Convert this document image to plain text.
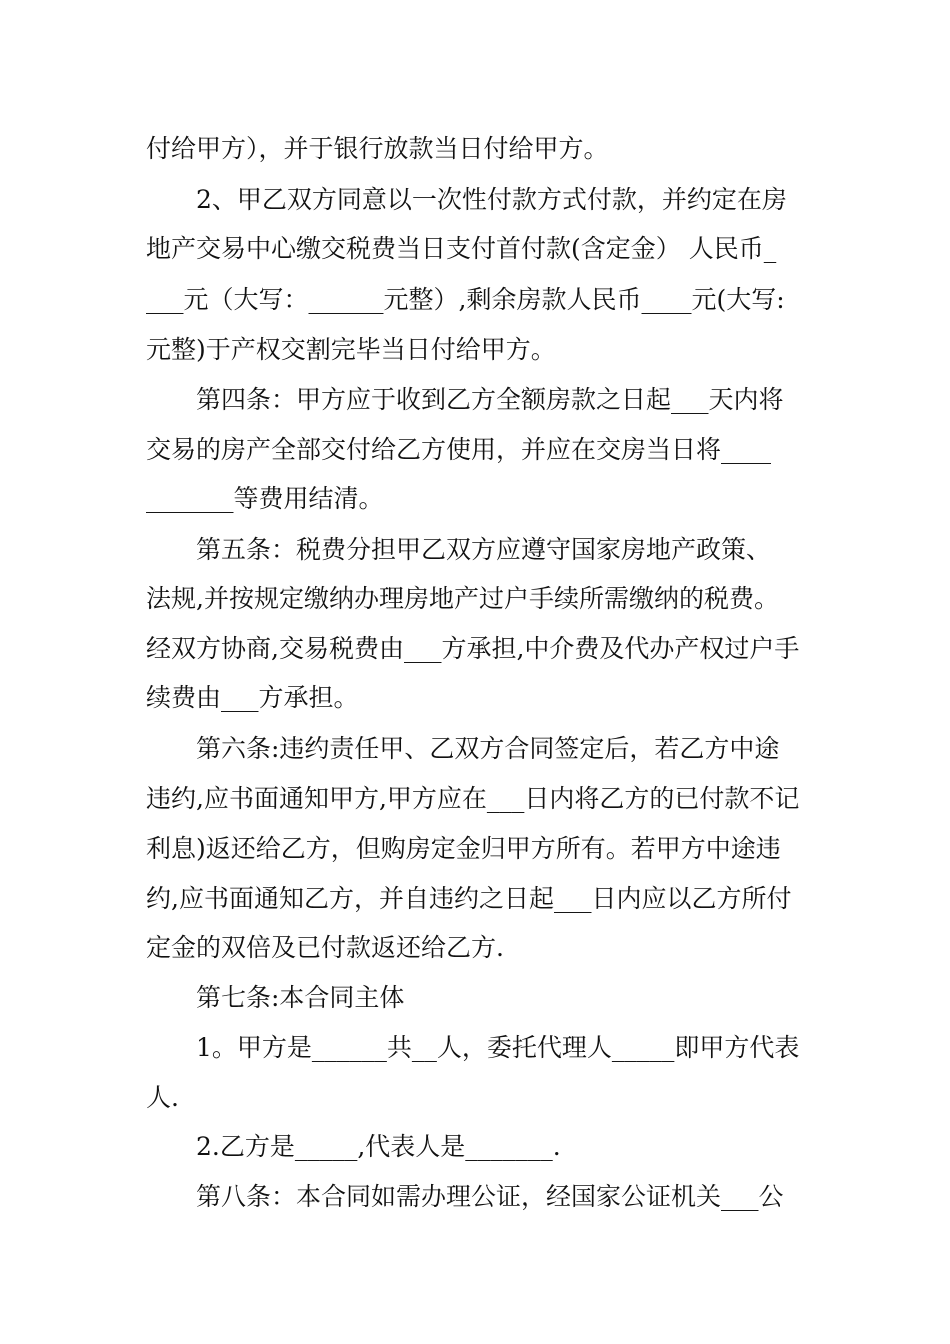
付给甲方），并于银行放款当日付给甲方。
2、甲乙双方同意以一次性付款方式付款，并约定在房
地产交易中心缴交税费当日支付首付款(含定金） 人民币_
___元（大写：______元整）,剩余房款人民币____元(大写:
元整)于产权交割完毕当日付给甲方。
第四条：甲方应于收到乙方全额房款之日起___天内将
交易的房产全部交付给乙方使用，并应在交房当日将____
_______等费用结清。
第五条：税费分担甲乙双方应遵守国家房地产政策、
法规,并按规定缴纳办理房地产过户手续所需缴纳的税费。
经双方协商,交易税费由___方承担,中介费及代办产权过户手
续费由___方承担。
第六条:违约责任甲、乙双方合同签定后，若乙方中途
违约,应书面通知甲方,甲方应在___日内将乙方的已付款不记
利息)返还给乙方，但购房定金归甲方所有。若甲方中途违
约,应书面通知乙方，并自违约之日起___日内应以乙方所付
定金的双倍及已付款返还给乙方.
第七条:本合同主体
1。甲方是______共__人，委托代理人_____即甲方代表
人.
2.乙方是_____,代表人是_______.
第八条：本合同如需办理公证，经国家公证机关___公
